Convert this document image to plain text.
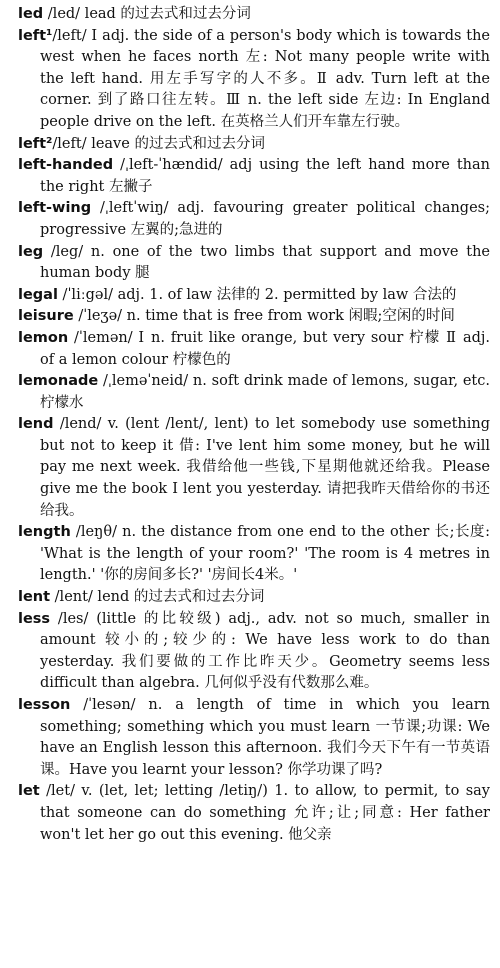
led /led/ lead 的过去式和过去分词

left¹/left/ Ⅰ adj. the side of a person's body which is towards the west when he faces north 左: Not many people write with the left hand. 用左手写字的人不多。Ⅱ adv. Turn left at the corner. 到了路口往左转。Ⅲ n. the left side 左边: In England people drive on the left. 在英格兰人们开车靠左行驶。

left²/left/ leave 的过去式和过去分词

left-handed /ˌleft-ˈhændid/ adj using the left hand more than the right 左撇子

left-wing /ˌleftˈwiŋ/ adj. favouring greater political changes; progressive 左翼的;急进的

leg /leg/ n. one of the two limbs that support and move the human body 腿

legal /ˈliːgəl/ adj. 1. of law 法律的 2. permitted by law 合法的

leisure /ˈleʒə/ n. time that is free from work 闲暇;空闲的时间

lemon /ˈlemən/ Ⅰ n. fruit like orange, but very sour 柠檬 Ⅱ adj. of a lemon colour 柠檬色的

lemonade /ˌleməˈneid/ n. soft drink made of lemons, sugar, etc. 柠檬水

lend /lend/ v. (lent /lent/, lent) to let somebody use something but not to keep it 借: I've lent him some money, but he will pay me next week. 我借给他一些钱,下星期他就还给我。Please give me the book I lent you yesterday. 请把我昨天借给你的书还给我。

length /leŋθ/ n. the distance from one end to the other 长;长度: 'What is the length of your room?' 'The room is 4 metres in length.' '你的房间多长?' '房间长4米。'

lent /lent/ lend 的过去式和过去分词

less /les/ (little 的比较级) adj., adv. not so much, smaller in amount 较小的;较少的: We have less work to do than yesterday. 我们要做的工作比昨天少。Geometry seems less difficult than algebra. 几何似乎没有代数那么难。

lesson /ˈlesən/ n. a length of time in which you learn something; something which you must learn 一节课;功课: We have an English lesson this afternoon. 我们今天下午有一节英语课。Have you learnt your lesson? 你学功课了吗?

let /let/ v. (let, let; letting /letiŋ/) 1. to allow, to permit, to say that someone can do something 允许;让;同意: Her father won't let her go out this evening. 他父亲
